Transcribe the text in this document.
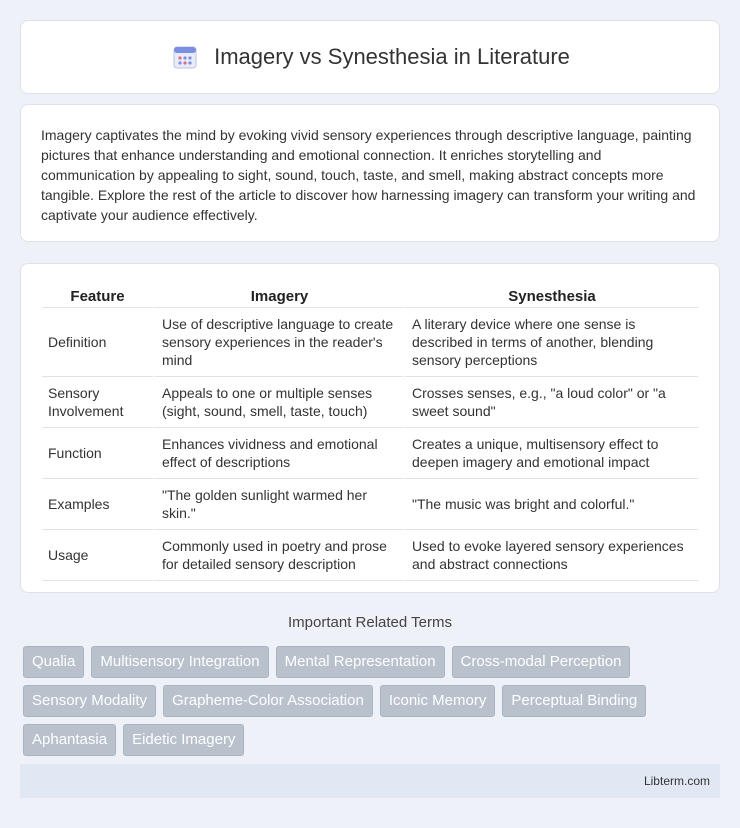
Imagery vs Synesthesia in Literature

Imagery captivates the mind by evoking vivid sensory experiences through descriptive language, painting pictures that enhance understanding and emotional connection. It enriches storytelling and communication by appealing to sight, sound, touch, taste, and smell, making abstract concepts more tangible. Explore the rest of the article to discover how harnessing imagery can transform your writing and captivate your audience effectively.

Feature	Imagery	Synesthesia
Definition	Use of descriptive language to create sensory experiences in the reader's mind	A literary device where one sense is described in terms of another, blending sensory perceptions
Sensory Involvement	Appeals to one or multiple senses (sight, sound, smell, taste, touch)	Crosses senses, e.g., "a loud color" or "a sweet sound"
Function	Enhances vividness and emotional effect of descriptions	Creates a unique, multisensory effect to deepen imagery and emotional impact
Examples	"The golden sunlight warmed her skin."	"The music was bright and colorful."
Usage	Commonly used in poetry and prose for detailed sensory description	Used to evoke layered sensory experiences and abstract connections
Important Related Terms
Qualia	Multisensory Integration	Mental Representation	Cross-modal Perception
Sensory Modality	Grapheme-Color Association	Iconic Memory	Perceptual Binding
Aphantasia	Eidetic Imagery
Libterm.com
